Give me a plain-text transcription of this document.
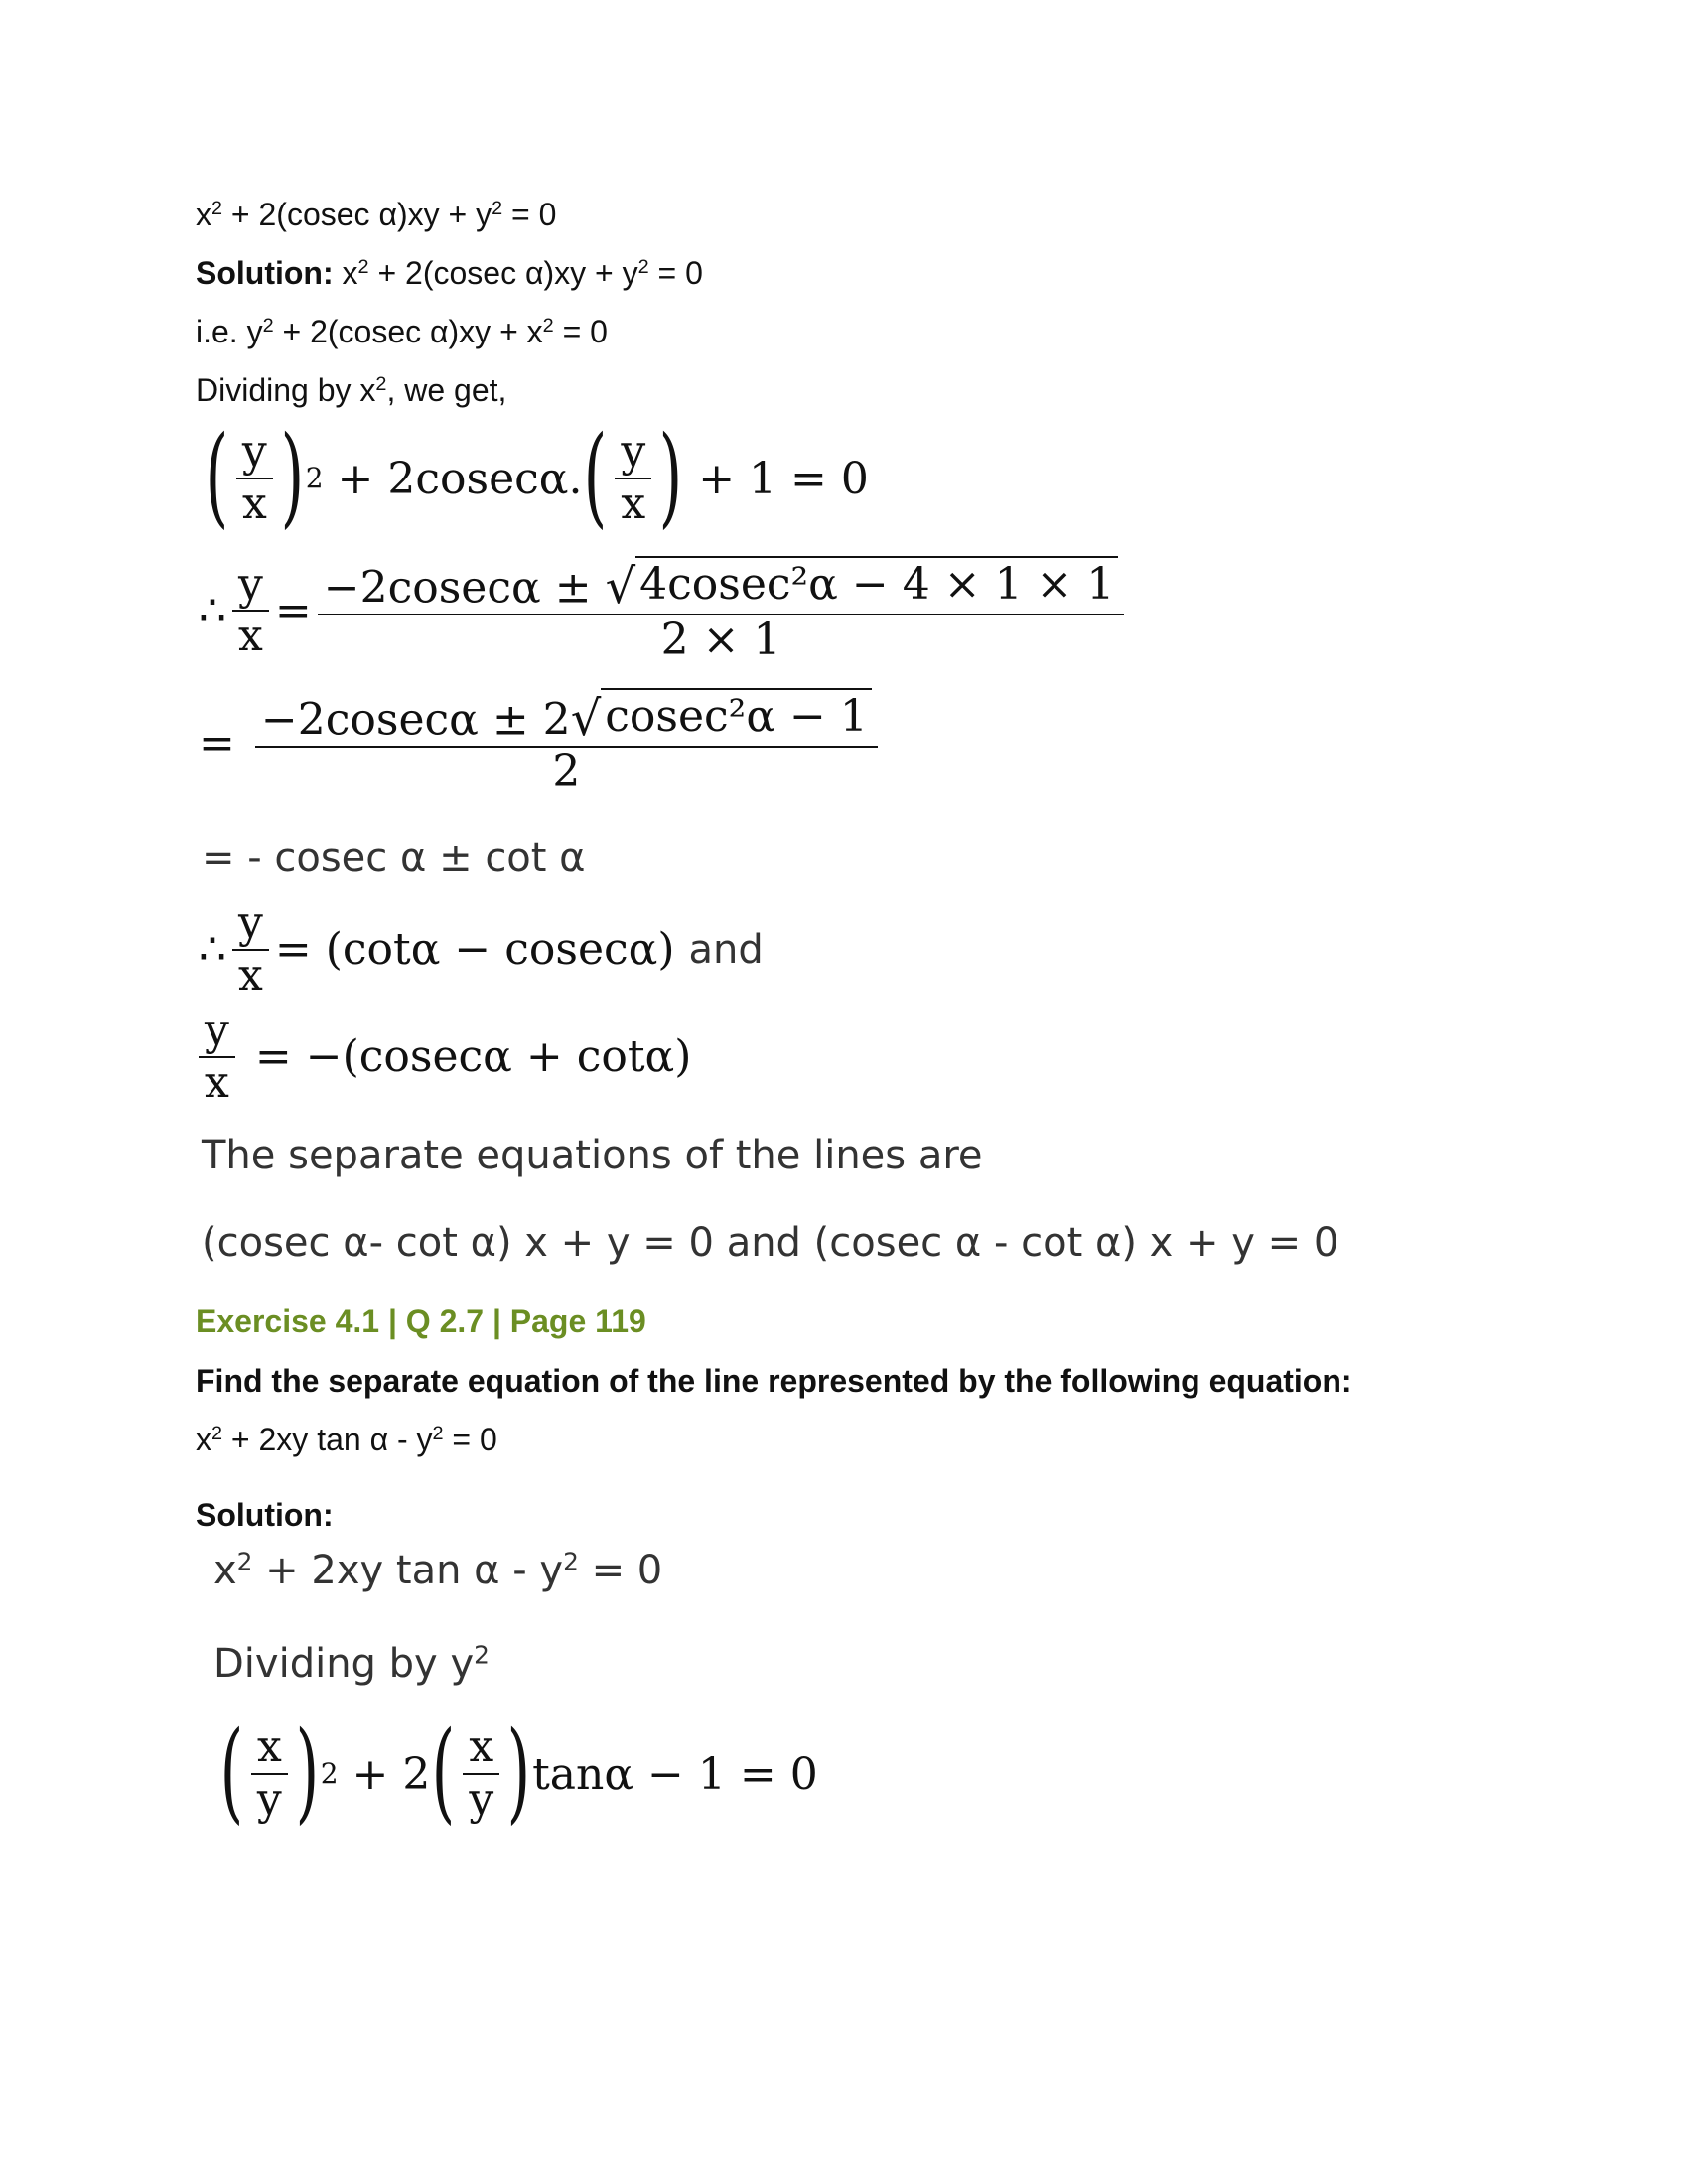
$x^2 + 2(cosec$ $\alpha)xy + y^2 = 0$
Solution: $x^2 + 2(cosec$ $\alpha)xy + y^2 = 0$
i.e. $y^2 + 2(cosec$ $\alpha)xy + x^2 = 0$
Dividing by $x^2$, we get,
( $\frac{y}{x}$ ) 2 + 2cosecα. ( $\frac{y}{x}$ ) + 1 = 0
∴ $\frac{y}{x} = \frac{\text{−2cosecα ± √ 4cosec²α − 4 × 1 × 1}}{2 \times 1}$
= $\frac{\text{−2cosecα ± 2 √ cosec²α − 1}}{2}$
= - cosec α ± cot α
∴ $\frac{y}{x} = (\cot\alpha - cosec\alpha)$ and
$\frac{y}{x} = -(cosec\alpha + \cot\alpha)$
The separate equations of the lines are
(cosec α- cot α) x + y = 0 and (cosec α - cot α) x + y = 0
Exercise 4.1 | Q 2.7 | Page 119
Find the separate equation of the line represented by the following equation:
$x^2 + 2xy$ $\tan \alpha - y^2 = 0$
Solution:
$x^2 + 2xy$ $\tan \alpha - y^2 = 0$
Dividing by $y^2$
( $\frac{x}{y}$ ) 2 + 2 ( $\frac{x}{y}$ ) tanα − 1 = 0
